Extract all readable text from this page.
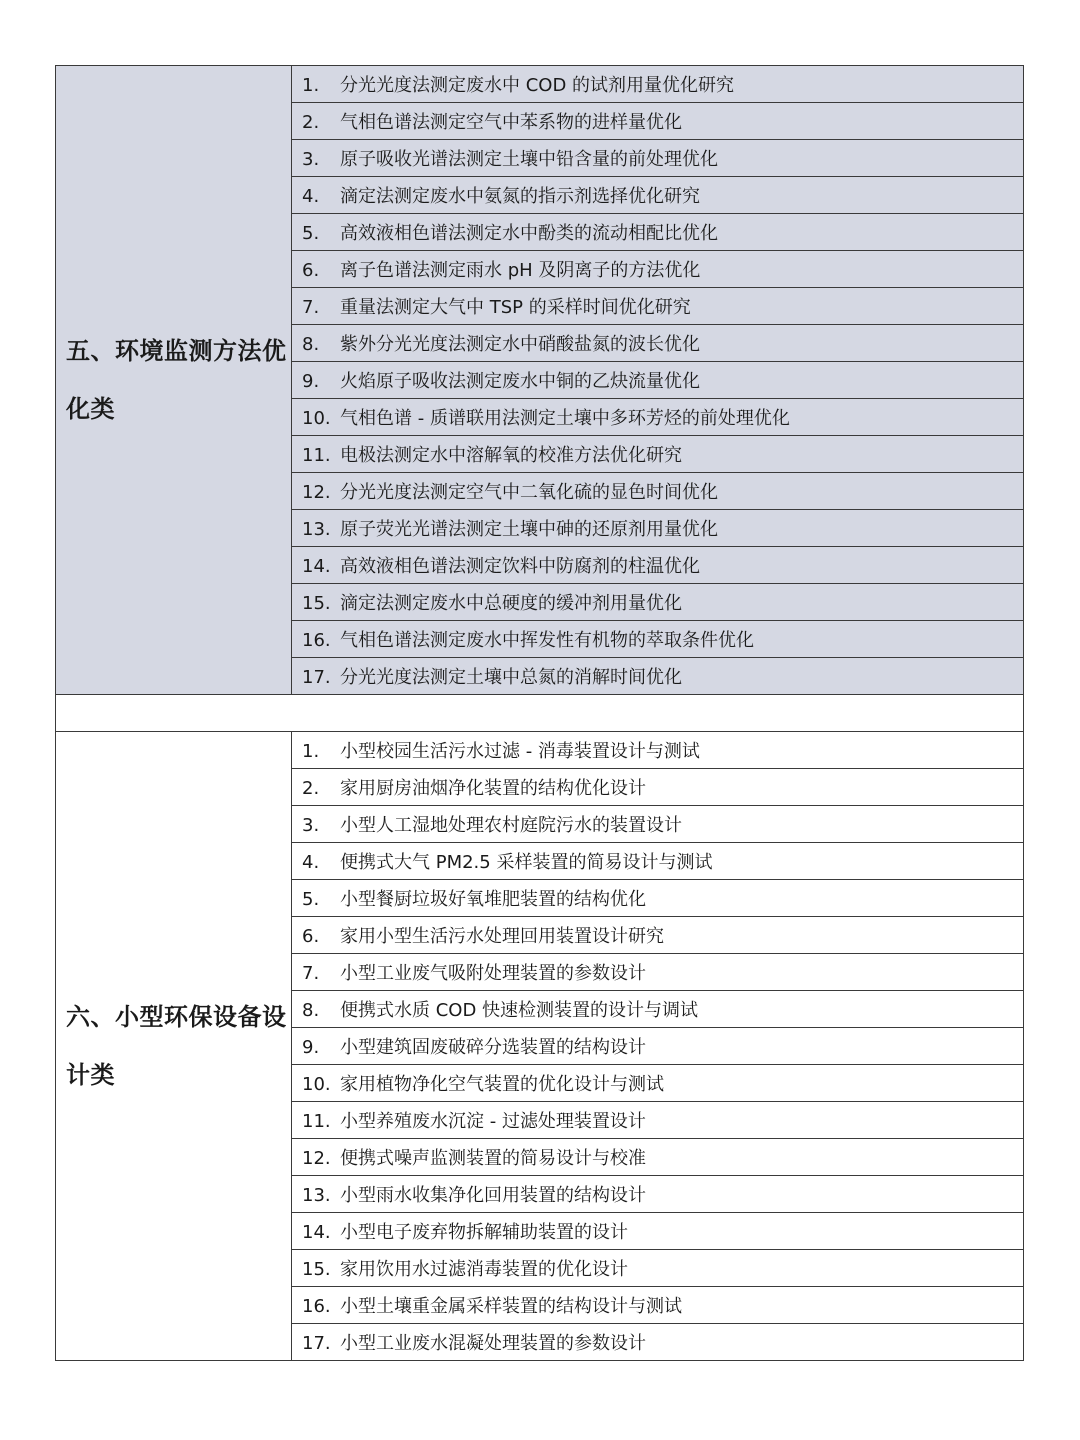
五、环境监测方法优化类	1. 分光光度法测定废水中 COD 的试剂用量优化研究
	2. 气相色谱法测定空气中苯系物的进样量优化
	3. 原子吸收光谱法测定土壤中铅含量的前处理优化
	4. 滴定法测定废水中氨氮的指示剂选择优化研究
	5. 高效液相色谱法测定水中酚类的流动相配比优化
	6. 离子色谱法测定雨水 pH 及阴离子的方法优化
	7. 重量法测定大气中 TSP 的采样时间优化研究
	8. 紫外分光光度法测定水中硝酸盐氮的波长优化
	9. 火焰原子吸收法测定废水中铜的乙炔流量优化
	10. 气相色谱 - 质谱联用法测定土壤中多环芳烃的前处理优化
	11. 电极法测定水中溶解氧的校准方法优化研究
	12. 分光光度法测定空气中二氧化硫的显色时间优化
	13. 原子荧光光谱法测定土壤中砷的还原剂用量优化
	14. 高效液相色谱法测定饮料中防腐剂的柱温优化
	15. 滴定法测定废水中总硬度的缓冲剂用量优化
	16. 气相色谱法测定废水中挥发性有机物的萃取条件优化
	17. 分光光度法测定土壤中总氮的消解时间优化

六、小型环保设备设计类	1. 小型校园生活污水过滤 - 消毒装置设计与测试
	2. 家用厨房油烟净化装置的结构优化设计
	3. 小型人工湿地处理农村庭院污水的装置设计
	4. 便携式大气 PM2.5 采样装置的简易设计与测试
	5. 小型餐厨垃圾好氧堆肥装置的结构优化
	6. 家用小型生活污水处理回用装置设计研究
	7. 小型工业废气吸附处理装置的参数设计
	8. 便携式水质 COD 快速检测装置的设计与调试
	9. 小型建筑固废破碎分选装置的结构设计
	10. 家用植物净化空气装置的优化设计与测试
	11. 小型养殖废水沉淀 - 过滤处理装置设计
	12. 便携式噪声监测装置的简易设计与校准
	13. 小型雨水收集净化回用装置的结构设计
	14. 小型电子废弃物拆解辅助装置的设计
	15. 家用饮用水过滤消毒装置的优化设计
	16. 小型土壤重金属采样装置的结构设计与测试
	17. 小型工业废水混凝处理装置的参数设计
